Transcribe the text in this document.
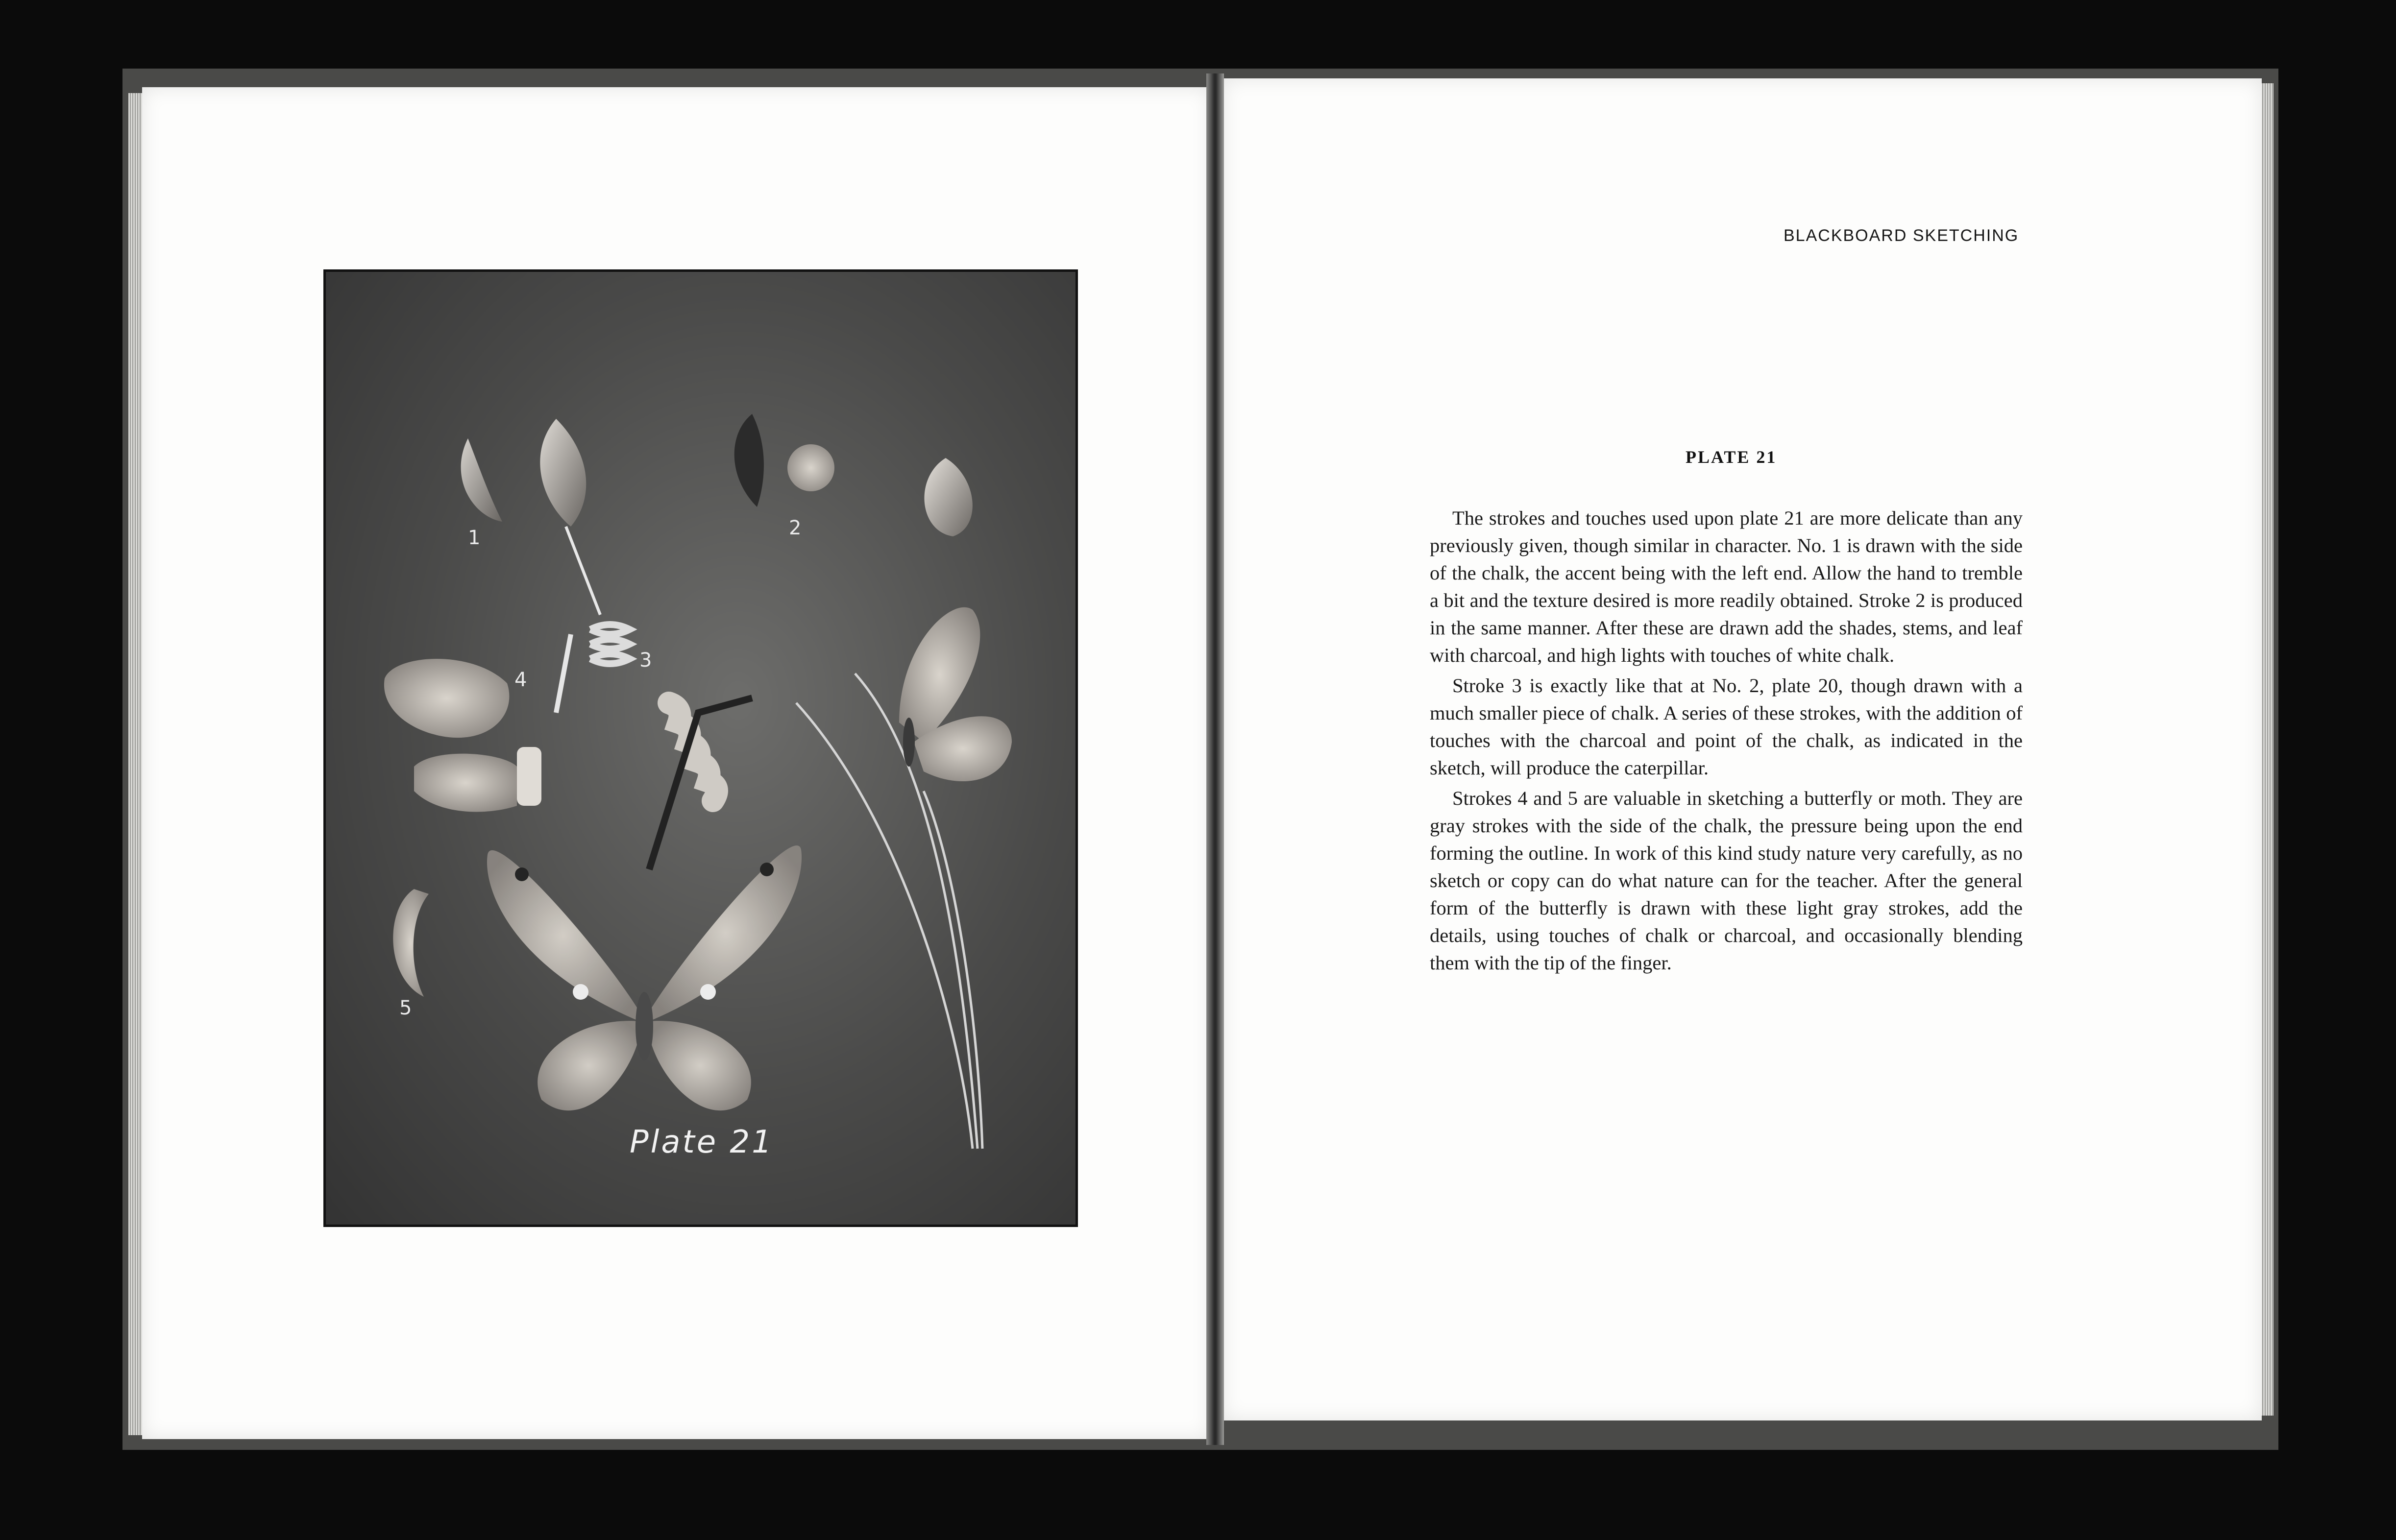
1	2
3
4
5
Plate 21
BLACKBOARD SKETCHING
PLATE 21

The strokes and touches used upon plate 21 are more delicate than any previously given, though similar in character. No. 1 is drawn with the side of the chalk, the accent being with the left end. Allow the hand to tremble a bit and the texture desired is more readily obtained. Stroke 2 is produced in the same manner. After these are drawn add the shades, stems, and leaf with charcoal, and high lights with touches of white chalk.

Stroke 3 is exactly like that at No. 2, plate 20, though drawn with a much smaller piece of chalk. A series of these strokes, with the addition of touches with the charcoal and point of the chalk, as indicated in the sketch, will produce the caterpillar.

Strokes 4 and 5 are valuable in sketching a butterfly or moth. They are gray strokes with the side of the chalk, the pressure being upon the end forming the outline. In work of this kind study nature very carefully, as no sketch or copy can do what nature can for the teacher. After the general form of the butterfly is drawn with these light gray strokes, add the details, using touches of chalk or charcoal, and occasionally blending them with the tip of the finger.
